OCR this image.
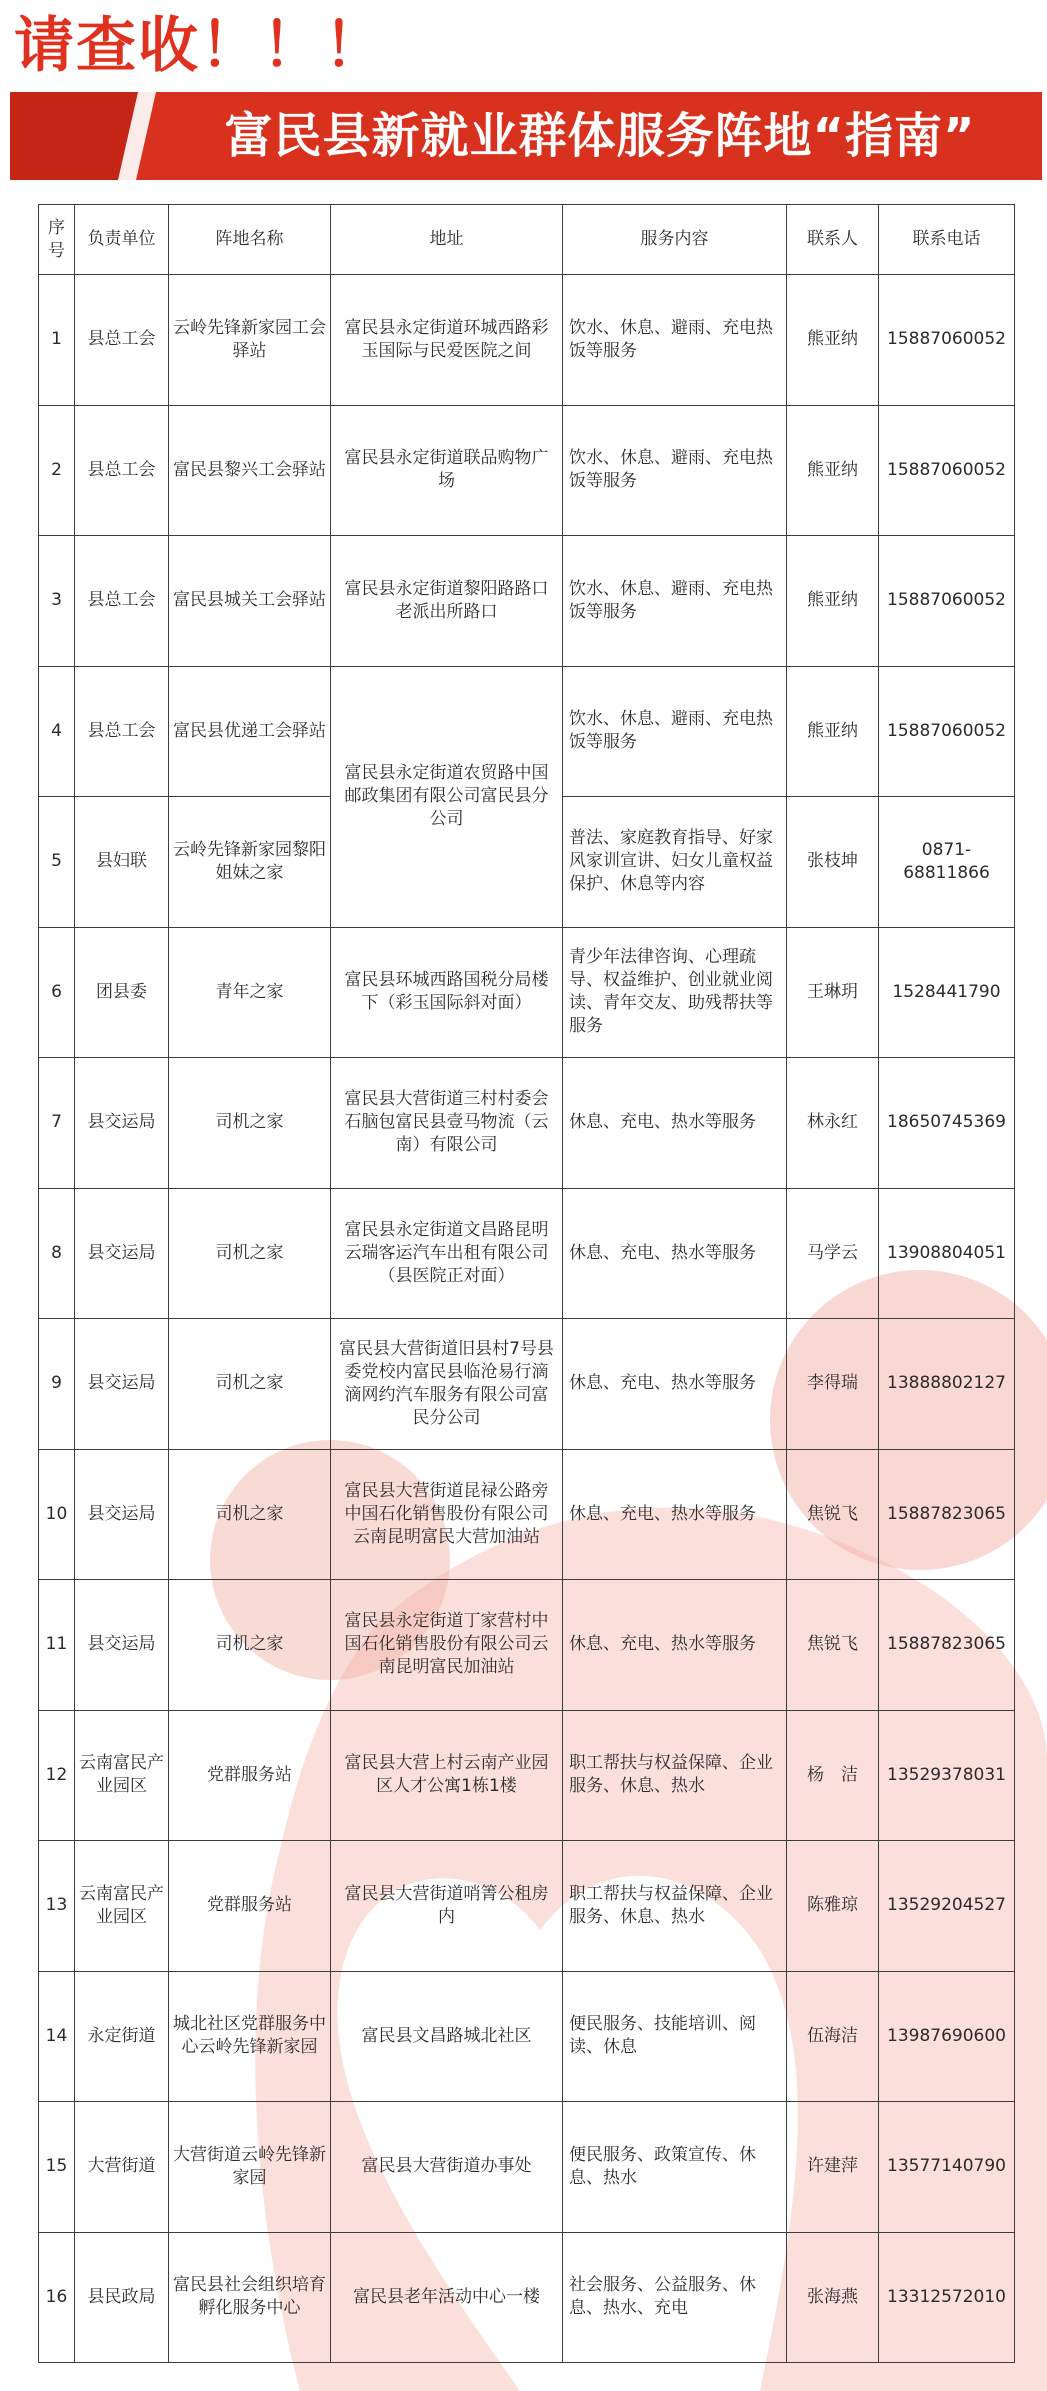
请查收！！！
富民县新就业群体服务阵地“指南”
序号	负责单位	阵地名称	地址	服务内容	联系人	联系电话
1	县总工会	云岭先锋新家园工会驿站	富民县永定街道环城西路彩玉国际与民爱医院之间	饮水、休息、避雨、充电热饭等服务	熊亚纳	15887060052
2	县总工会	富民县黎兴工会驿站	富民县永定街道联品购物广场	饮水、休息、避雨、充电热饭等服务	熊亚纳	15887060052
3	县总工会	富民县城关工会驿站	富民县永定街道黎阳路路口老派出所路口	饮水、休息、避雨、充电热饭等服务	熊亚纳	15887060052
4	县总工会	富民县优递工会驿站	富民县永定街道农贸路中国邮政集团有限公司富民县分公司	饮水、休息、避雨、充电热饭等服务	熊亚纳	15887060052
5	县妇联	云岭先锋新家园黎阳姐妹之家		普法、家庭教育指导、好家风家训宣讲、妇女儿童权益保护、休息等内容	张枝坤	0871-68811866
6	团县委	青年之家	富民县环城西路国税分局楼下（彩玉国际斜对面）	青少年法律咨询、心理疏导、权益维护、创业就业阅读、青年交友、助残帮扶等服务	王琳玥	1528441790
7	县交运局	司机之家	富民县大营街道三村村委会石脑包富民县壹马物流（云南）有限公司	休息、充电、热水等服务	林永红	18650745369
8	县交运局	司机之家	富民县永定街道文昌路昆明云瑞客运汽车出租有限公司（县医院正对面）	休息、充电、热水等服务	马学云	13908804051
9	县交运局	司机之家	富民县大营街道旧县村7号县委党校内富民县临沧易行滴滴网约汽车服务有限公司富民分公司	休息、充电、热水等服务	李得瑞	13888802127
10	县交运局	司机之家	富民县大营街道昆禄公路旁中国石化销售股份有限公司云南昆明富民大营加油站	休息、充电、热水等服务	焦锐飞	15887823065
11	县交运局	司机之家	富民县永定街道丁家营村中国石化销售股份有限公司云南昆明富民加油站	休息、充电、热水等服务	焦锐飞	15887823065
12	云南富民产业园区	党群服务站	富民县大营上村云南产业园区人才公寓1栋1楼	职工帮扶与权益保障、企业服务、休息、热水	杨　洁	13529378031
13	云南富民产业园区	党群服务站	富民县大营街道哨箐公租房内	职工帮扶与权益保障、企业服务、休息、热水	陈雅琼	13529204527
14	永定街道	城北社区党群服务中心云岭先锋新家园	富民县文昌路城北社区	便民服务、技能培训、阅读、休息	伍海洁	13987690600
15	大营街道	大营街道云岭先锋新家园	富民县大营街道办事处	便民服务、政策宣传、休息、热水	许建萍	13577140790
16	县民政局	富民县社会组织培育孵化服务中心	富民县老年活动中心一楼	社会服务、公益服务、休息、热水、充电	张海燕	13312572010
